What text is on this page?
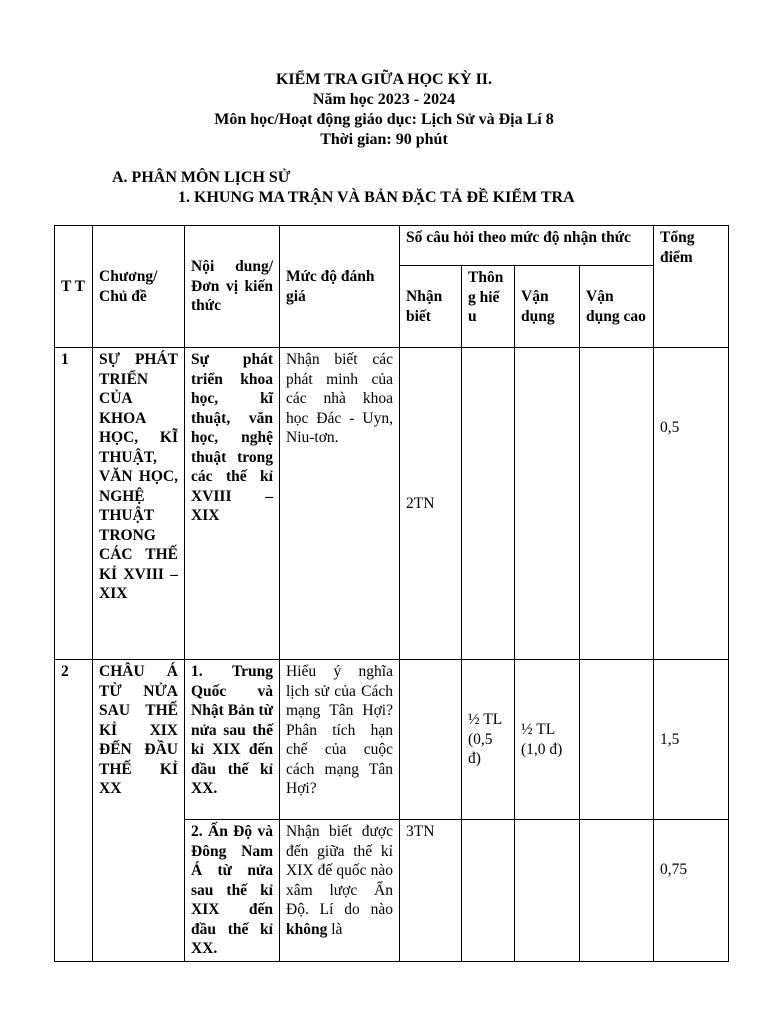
KIỂM TRA GIỮA HỌC KỲ II.
Năm học 2023 - 2024
Môn học/Hoạt động giáo dục: Lịch Sử và Địa Lí 8
Thời gian: 90 phút
A. PHÂN MÔN LỊCH SỬ
1. KHUNG MA TRẬN VÀ BẢN ĐẶC TẢ ĐỀ KIỂM TRA
T T	Chương/ Chủ đề	Nội dung/Đơn vị kiến thức	Mức độ đánh giá	Số câu hỏi theo mức độ nhận thức				Tổng điểm
				Nhận biết	Thông hiểu	Vận dụng	Vận dụng cao	
1	SỰ PHÁT TRIỂN CỦA KHOA HỌC, KĨ THUẬT, VĂN HỌC, NGHỆ THUẬT TRONG CÁC THẾ KỈ XVIII – XIX	Sự phát triển khoa học, kĩ thuật, văn học, nghệ thuật trong các thế kỉ XVIII – XIX	Nhận biết các phát minh của các nhà khoa học Đác - Uyn, Niu-tơn.	2TN				0,5
2	CHÂU Á TỪ NỬA SAU THẾ KỈ XIX ĐẾN ĐẦU THẾ KỈ XX	1. Trung Quốc và Nhật Bản từ nửa sau thế kỉ XIX đến đầu thế kỉ XX.	Hiểu ý nghĩa lịch sử của Cách mạng Tân Hợi? Phân tích hạn chế của cuộc cách mạng Tân Hợi?		½ TL (0,5 đ)	½ TL (1,0 đ)		1,5
		2. Ấn Độ và Đông Nam Á từ nửa sau thế kỉ XIX đến đầu thế kỉ XX.	Nhận biết được đến giữa thế kỉ XIX đế quốc nào xâm lược Ấn Độ. Lí do nào không là	3TN				0,75
